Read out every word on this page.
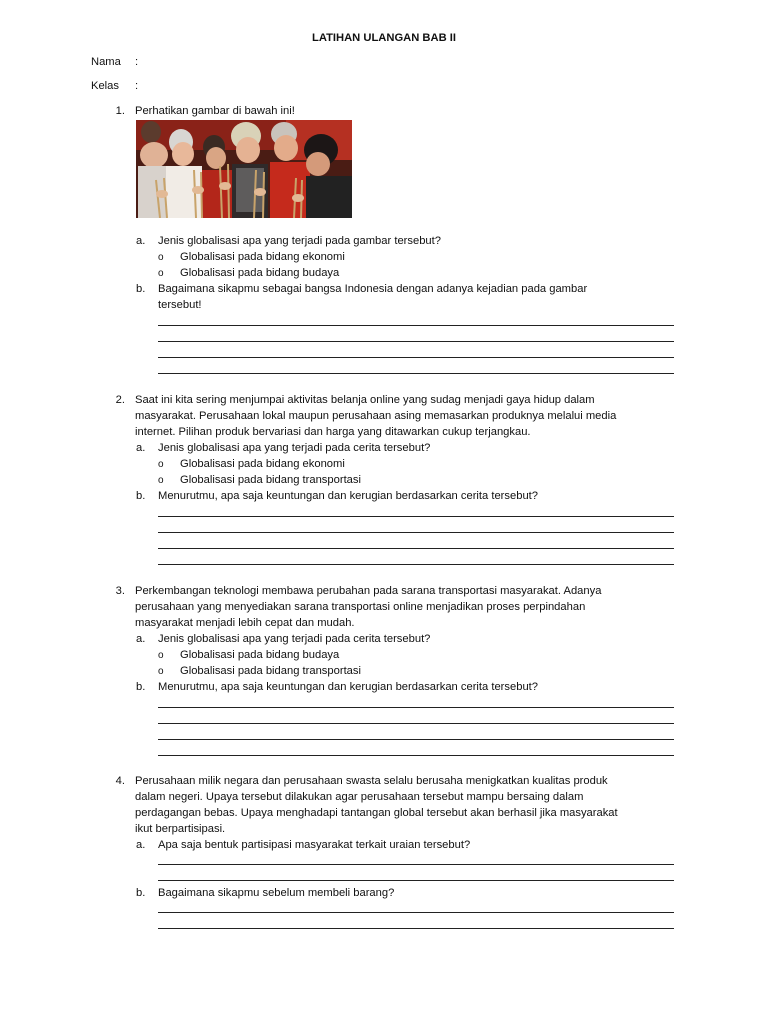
LATIHAN ULANGAN BAB II
Nama :
Kelas :
1. Perhatikan gambar di bawah ini!
a. Jenis globalisasi apa yang terjadi pada gambar tersebut?
o Globalisasi pada bidang ekonomi
o Globalisasi pada bidang budaya
b. Bagaimana sikapmu sebagai bangsa Indonesia dengan adanya kejadian pada gambar
tersebut!
2. Saat ini kita sering menjumpai aktivitas belanja online yang sudag menjadi gaya hidup dalam
masyarakat. Perusahaan lokal maupun perusahaan asing memasarkan produknya melalui media
internet. Pilihan produk bervariasi dan harga yang ditawarkan cukup terjangkau.
a. Jenis globalisasi apa yang terjadi pada cerita tersebut?
o Globalisasi pada bidang ekonomi
o Globalisasi pada bidang transportasi
b. Menurutmu, apa saja keuntungan dan kerugian berdasarkan cerita tersebut?
3. Perkembangan teknologi membawa perubahan pada sarana transportasi masyarakat. Adanya
perusahaan yang menyediakan sarana transportasi online menjadikan proses perpindahan
masyarakat menjadi lebih cepat dan mudah.
a. Jenis globalisasi apa yang terjadi pada cerita tersebut?
o Globalisasi pada bidang budaya
o Globalisasi pada bidang transportasi
b. Menurutmu, apa saja keuntungan dan kerugian berdasarkan cerita tersebut?
4. Perusahaan milik negara dan perusahaan swasta selalu berusaha menigkatkan kualitas produk
dalam negeri. Upaya tersebut dilakukan agar perusahaan tersebut mampu bersaing dalam
perdagangan bebas. Upaya menghadapi tantangan global tersebut akan berhasil jika masyarakat
ikut berpartisipasi.
a. Apa saja bentuk partisipasi masyarakat terkait uraian tersebut?
b. Bagaimana sikapmu sebelum membeli barang?
